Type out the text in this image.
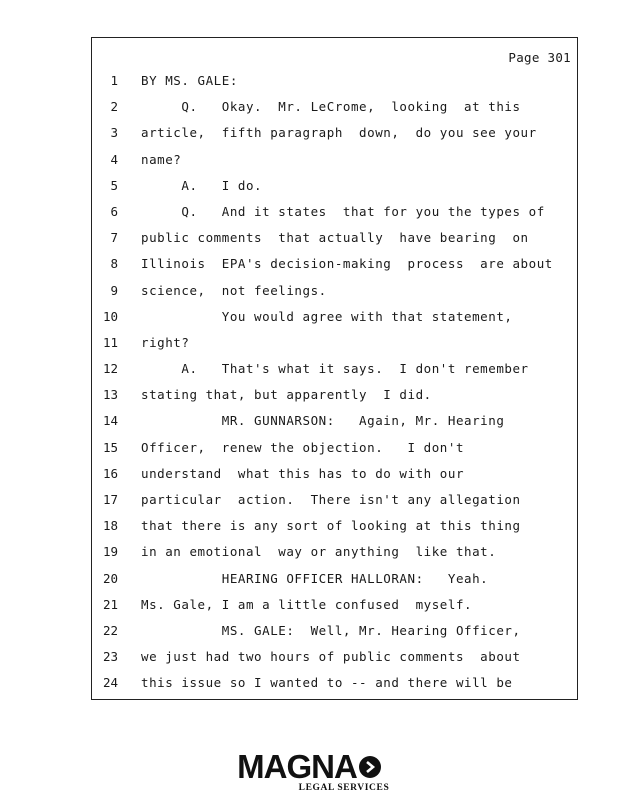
Page 301
1 BY MS. GALE:
2 Q.   Okay.  Mr. LeCrome,  looking  at this
3 article,  fifth paragraph  down,  do you see your
4 name?
5 A.   I do.
6 Q.   And it states  that for you the types of
7 public comments  that actually  have bearing  on
8 Illinois  EPA's decision-making  process  are about
9 science,  not feelings.
10 You would agree with that statement,
11 right?
12 A.   That's what it says.  I don't remember
13 stating that, but apparently  I did.
14 MR. GUNNARSON:   Again, Mr. Hearing
15 Officer,  renew the objection.   I don't
16 understand  what this has to do with our
17 particular  action.  There isn't any allegation
18 that there is any sort of looking at this thing
19 in an emotional  way or anything  like that.
20 HEARING OFFICER HALLORAN:   Yeah.
21 Ms. Gale, I am a little confused  myself.
22 MS. GALE:  Well, Mr. Hearing Officer,
23 we just had two hours of public comments  about
24 this issue so I wanted to -- and there will be
MAGNA
LEGAL SERVICES
